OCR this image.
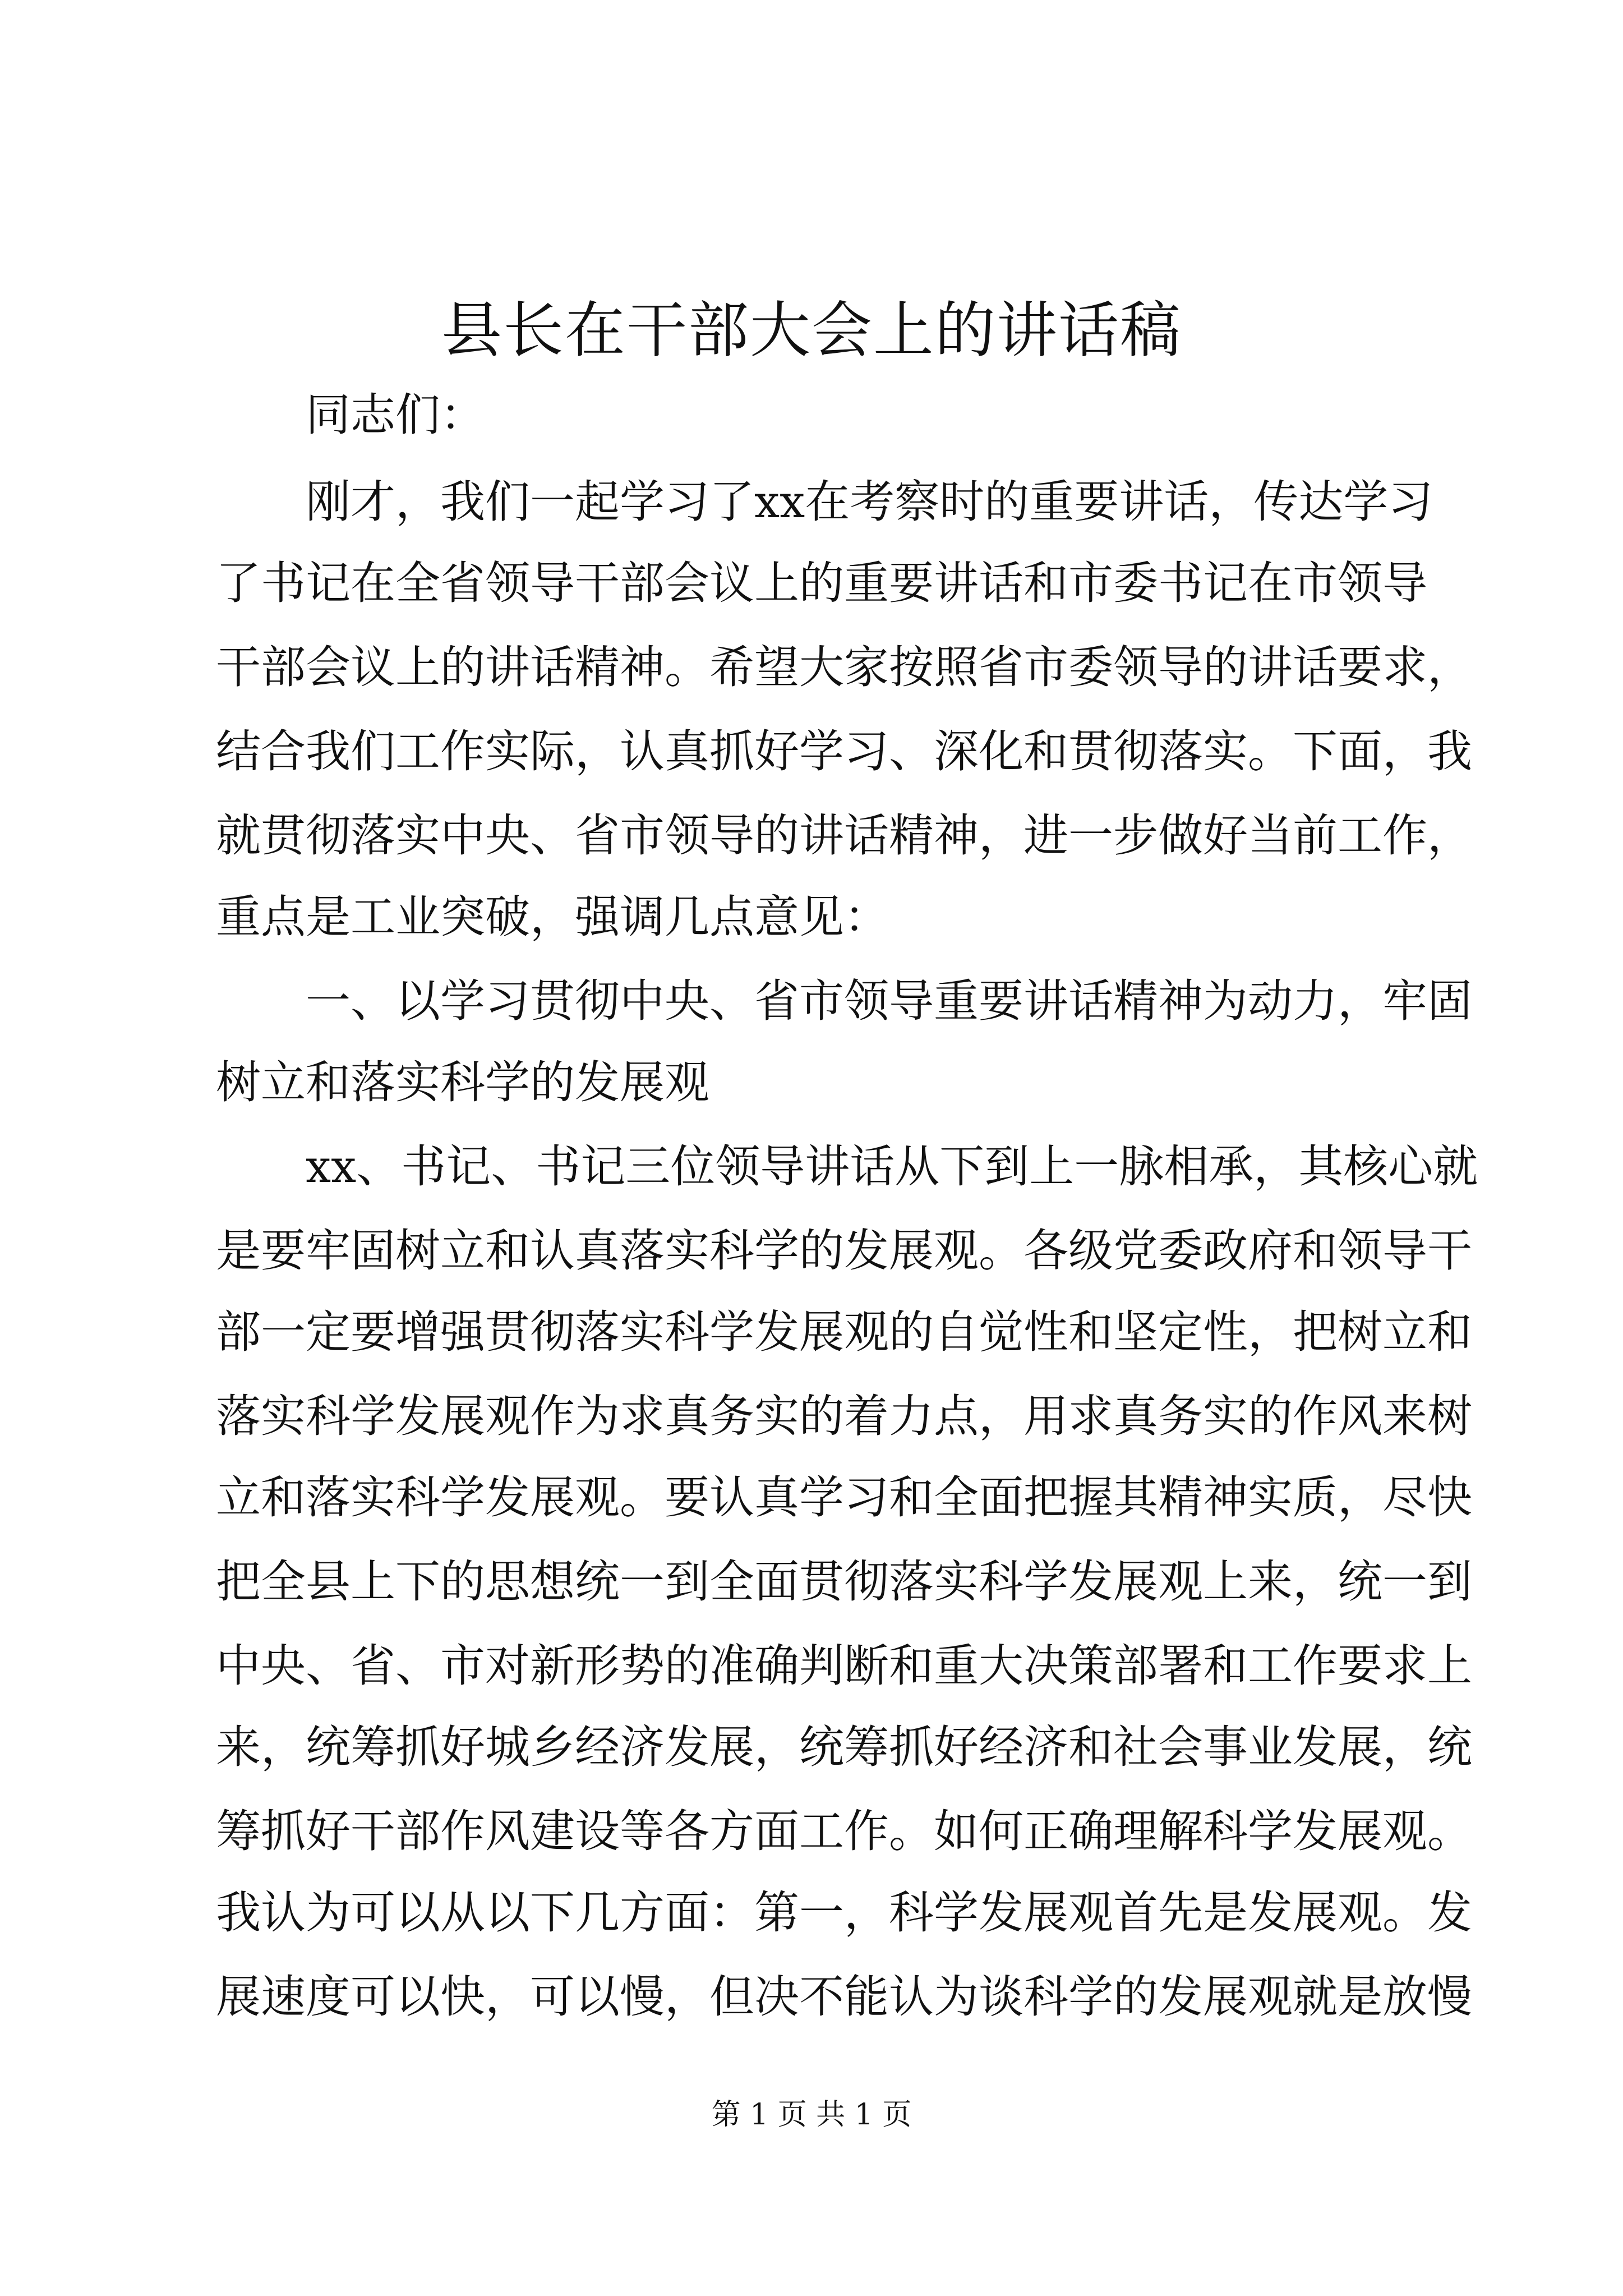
县长在干部大会上的讲话稿
同志们：
刚才，我们一起学习了xx在考察时的重要讲话，传达学习
了书记在全省领导干部会议上的重要讲话和市委书记在市领导
干部会议上的讲话精神。希望大家按照省市委领导的讲话要求，
结合我们工作实际，认真抓好学习、深化和贯彻落实。下面，我
就贯彻落实中央、省市领导的讲话精神，进一步做好当前工作，
重点是工业突破，强调几点意见：
一、以学习贯彻中央、省市领导重要讲话精神为动力，牢固
树立和落实科学的发展观
xx、书记、书记三位领导讲话从下到上一脉相承，其核心就
是要牢固树立和认真落实科学的发展观。各级党委政府和领导干
部一定要增强贯彻落实科学发展观的自觉性和坚定性，把树立和
落实科学发展观作为求真务实的着力点，用求真务实的作风来树
立和落实科学发展观。要认真学习和全面把握其精神实质，尽快
把全县上下的思想统一到全面贯彻落实科学发展观上来，统一到
中央、省、市对新形势的准确判断和重大决策部署和工作要求上
来，统筹抓好城乡经济发展，统筹抓好经济和社会事业发展，统
筹抓好干部作风建设等各方面工作。如何正确理解科学发展观。
我认为可以从以下几方面：第一，科学发展观首先是发展观。发
展速度可以快，可以慢，但决不能认为谈科学的发展观就是放慢
第 1 页 共 1 页
